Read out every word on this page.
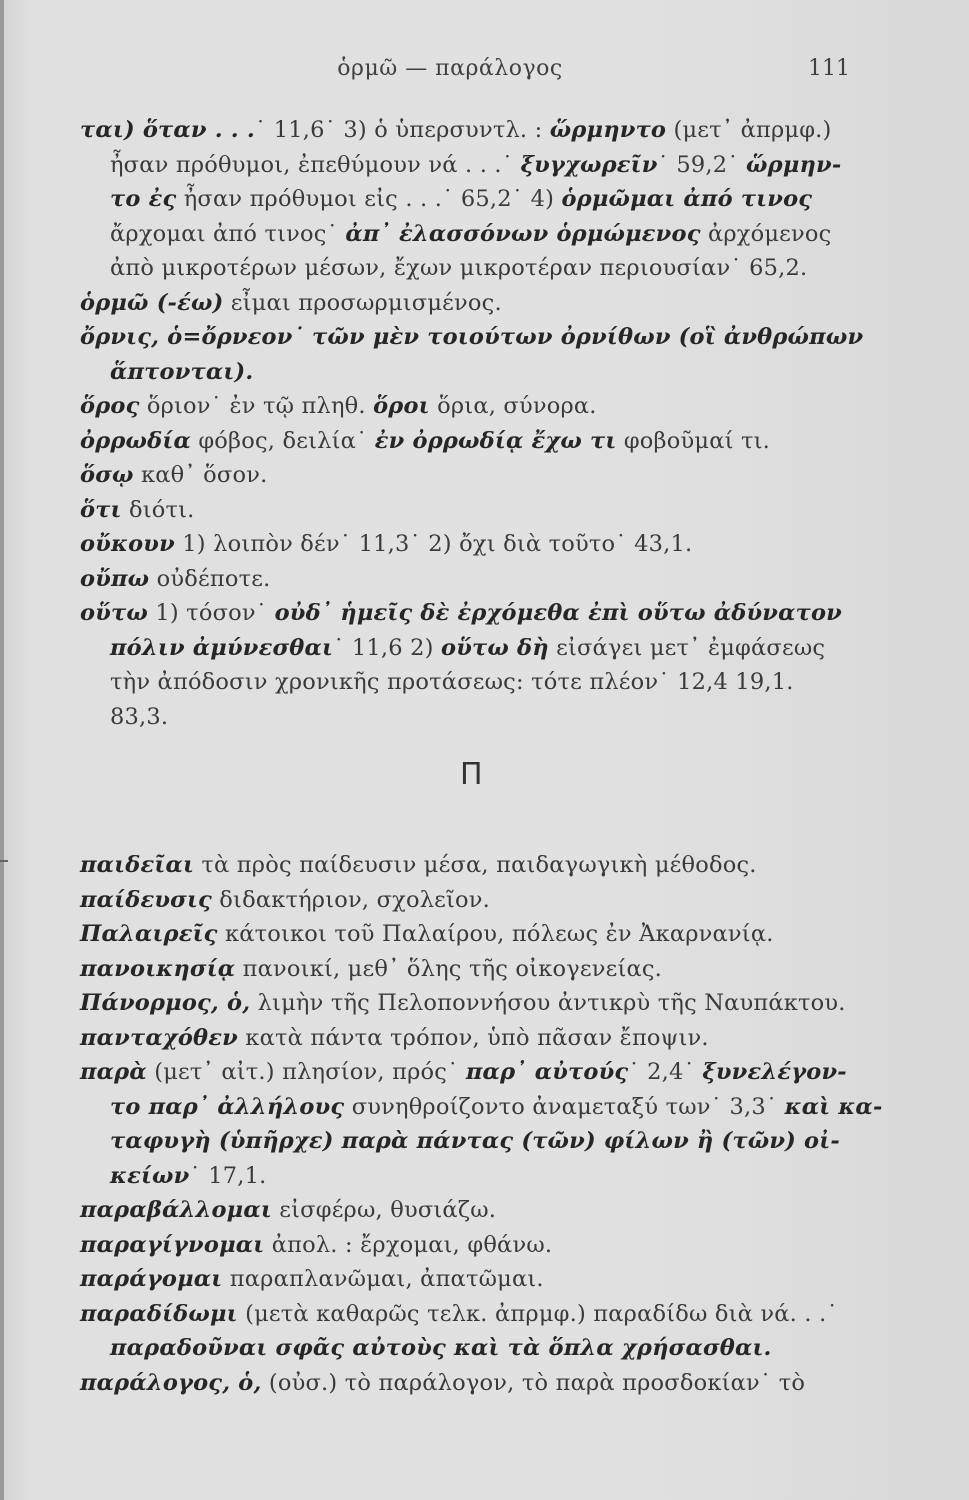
ὁρμῶ — παράλογος	111
ται) ὅταν . . .˙ 11,6˙ 3) ὁ ὑπερσυντλ. : ὥρμηντο (μετ᾽ ἀπρμφ.)
ἦσαν πρόθυμοι, ἐπεθύμουν νά . . .˙ ξυγχωρεῖν˙ 59,2˙ ὥρμην-
το ἐς ἦσαν πρόθυμοι εἰς . . .˙ 65,2˙ 4) ὁρμῶμαι ἀπό τινος
ἄρχομαι ἀπό τινος˙ ἀπ᾽ ἐλασσόνων ὁρμώμενος ἀρχόμενος
ἀπὸ μικροτέρων μέσων, ἔχων μικροτέραν περιουσίαν˙ 65,2.
ὁρμῶ (-έω) εἶμαι προσωρμισμένος.
ὄρνις, ὁ=ὄρνεον˙ τῶν μὲν τοιούτων ὀρνίθων (οἳ ἀνθρώπων
ἅπτονται).
ὅρος ὅριον˙ ἐν τῷ πληθ. ὅροι ὅρια, σύνορα.
ὀρρωδία φόβος, δειλία˙ ἐν ὀρρωδίᾳ ἔχω τι φοβοῦμαί τι.
ὅσῳ καθ᾽ ὅσον.
ὅτι διότι.
οὔκουν 1) λοιπὸν δέν˙ 11,3˙ 2) ὄχι διὰ τοῦτο˙ 43,1.
οὔπω οὐδέποτε.
οὕτω 1) τόσον˙ οὐδ᾽ ἡμεῖς δὲ ἐρχόμεθα ἐπὶ οὕτω ἀδύνατον
πόλιν ἀμύνεσθαι˙ 11,6 2) οὕτω δὴ εἰσάγει μετ᾽ ἐμφάσεως
τὴν ἀπόδοσιν χρονικῆς προτάσεως: τότε πλέον˙ 12,4 19,1.
83,3.
Π
παιδεῖαι τὰ πρὸς παίδευσιν μέσα, παιδαγωγικὴ μέθοδος.
παίδευσις διδακτήριον, σχολεῖον.
Παλαιρεῖς κάτοικοι τοῦ Παλαίρου, πόλεως ἐν Ἀκαρνανίᾳ.
πανοικησίᾳ πανοικί, μεθ᾽ ὅλης τῆς οἰκογενείας.
Πάνορμος, ὁ, λιμὴν τῆς Πελοποννήσου ἀντικρὺ τῆς Ναυπάκτου.
πανταχόθεν κατὰ πάντα τρόπον, ὑπὸ πᾶσαν ἔποψιν.
παρὰ (μετ᾽ αἰτ.) πλησίον, πρός˙ παρ᾽ αὐτούς˙ 2,4˙ ξυνελέγον-
το παρ᾽ ἀλλήλους συνηθροίζοντο ἀναμεταξύ των˙ 3,3˙ καὶ κα-
ταφυγὴ (ὑπῆρχε) παρὰ πάντας (τῶν) φίλων ἢ (τῶν) οἰ-
κείων˙ 17,1.
παραβάλλομαι εἰσφέρω, θυσιάζω.
παραγίγνομαι ἀπολ. : ἔρχομαι, φθάνω.
παράγομαι παραπλανῶμαι, ἀπατῶμαι.
παραδίδωμι (μετὰ καθαρῶς τελκ. ἀπρμφ.) παραδίδω διὰ νά. . .˙
παραδοῦναι σφᾶς αὐτοὺς καὶ τὰ ὅπλα χρήσασθαι.
παράλογος, ὁ, (οὐσ.) τὸ παράλογον, τὸ παρὰ προσδοκίαν˙ τὸ
